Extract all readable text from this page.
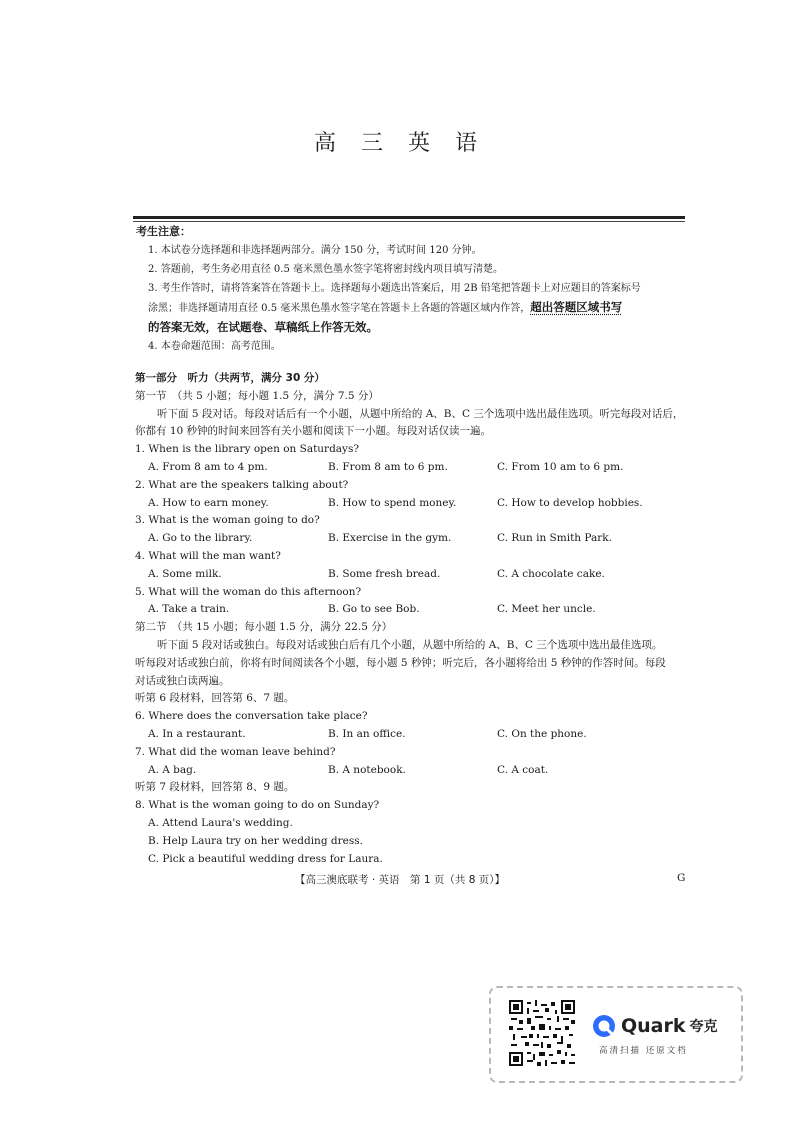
高 三 英 语

考生注意：

1. 本试卷分选择题和非选择题两部分。满分 150 分，考试时间 120 分钟。

2. 答题前，考生务必用直径 0.5 毫米黑色墨水签字笔将密封线内项目填写清楚。

3. 考生作答时，请将答案答在答题卡上。选择题每小题选出答案后，用 2B 铅笔把答题卡上对应题目的答案标号

涂黑；非选择题请用直径 0.5 毫米黑色墨水签字笔在答题卡上各题的答题区域内作答，超出答题区域书写

的答案无效，在试题卷、草稿纸上作答无效。

4. 本卷命题范围：高考范围。

第一部分　听力（共两节，满分 30 分）

第一节　（共 5 小题；每小题 1.5 分，满分 7.5 分）

听下面 5 段对话。每段对话后有一个小题，从题中所给的 A、B、C 三个选项中选出最佳选项。听完每段对话后，

你都有 10 秒钟的时间来回答有关小题和阅读下一小题。每段对话仅读一遍。

1. When is the library open on Saturdays?

A. From 8 am to 4 pm.	B. From 8 am to 6 pm.	C. From 10 am to 6 pm.

2. What are the speakers talking about?

A. How to earn money.	B. How to spend money.	C. How to develop hobbies.

3. What is the woman going to do?

A. Go to the library.	B. Exercise in the gym.	C. Run in Smith Park.

4. What will the man want?

A. Some milk.	B. Some fresh bread.	C. A chocolate cake.

5. What will the woman do this afternoon?

A. Take a train.	B. Go to see Bob.	C. Meet her uncle.

第二节　（共 15 小题；每小题 1.5 分，满分 22.5 分）

听下面 5 段对话或独白。每段对话或独白后有几个小题，从题中所给的 A、B、C 三个选项中选出最佳选项。

听每段对话或独白前，你将有时间阅读各个小题，每小题 5 秒钟；听完后，各小题将给出 5 秒钟的作答时间。每段

对话或独白读两遍。

听第 6 段材料，回答第 6、7 题。

6. Where does the conversation take place?

A. In a restaurant.	B. In an office.	C. On the phone.

7. What did the woman leave behind?

A. A bag.	B. A notebook.	C. A coat.

听第 7 段材料，回答第 8、9 题。

8. What is the woman going to do on Sunday?

A. Attend Laura's wedding.
B. Help Laura try on her wedding dress.
C. Pick a beautiful wedding dress for Laura.
【高三澳底联考 · 英语　第 1 页（共 8 页）】	G
Quark 夸克
高清扫描 还原文档
